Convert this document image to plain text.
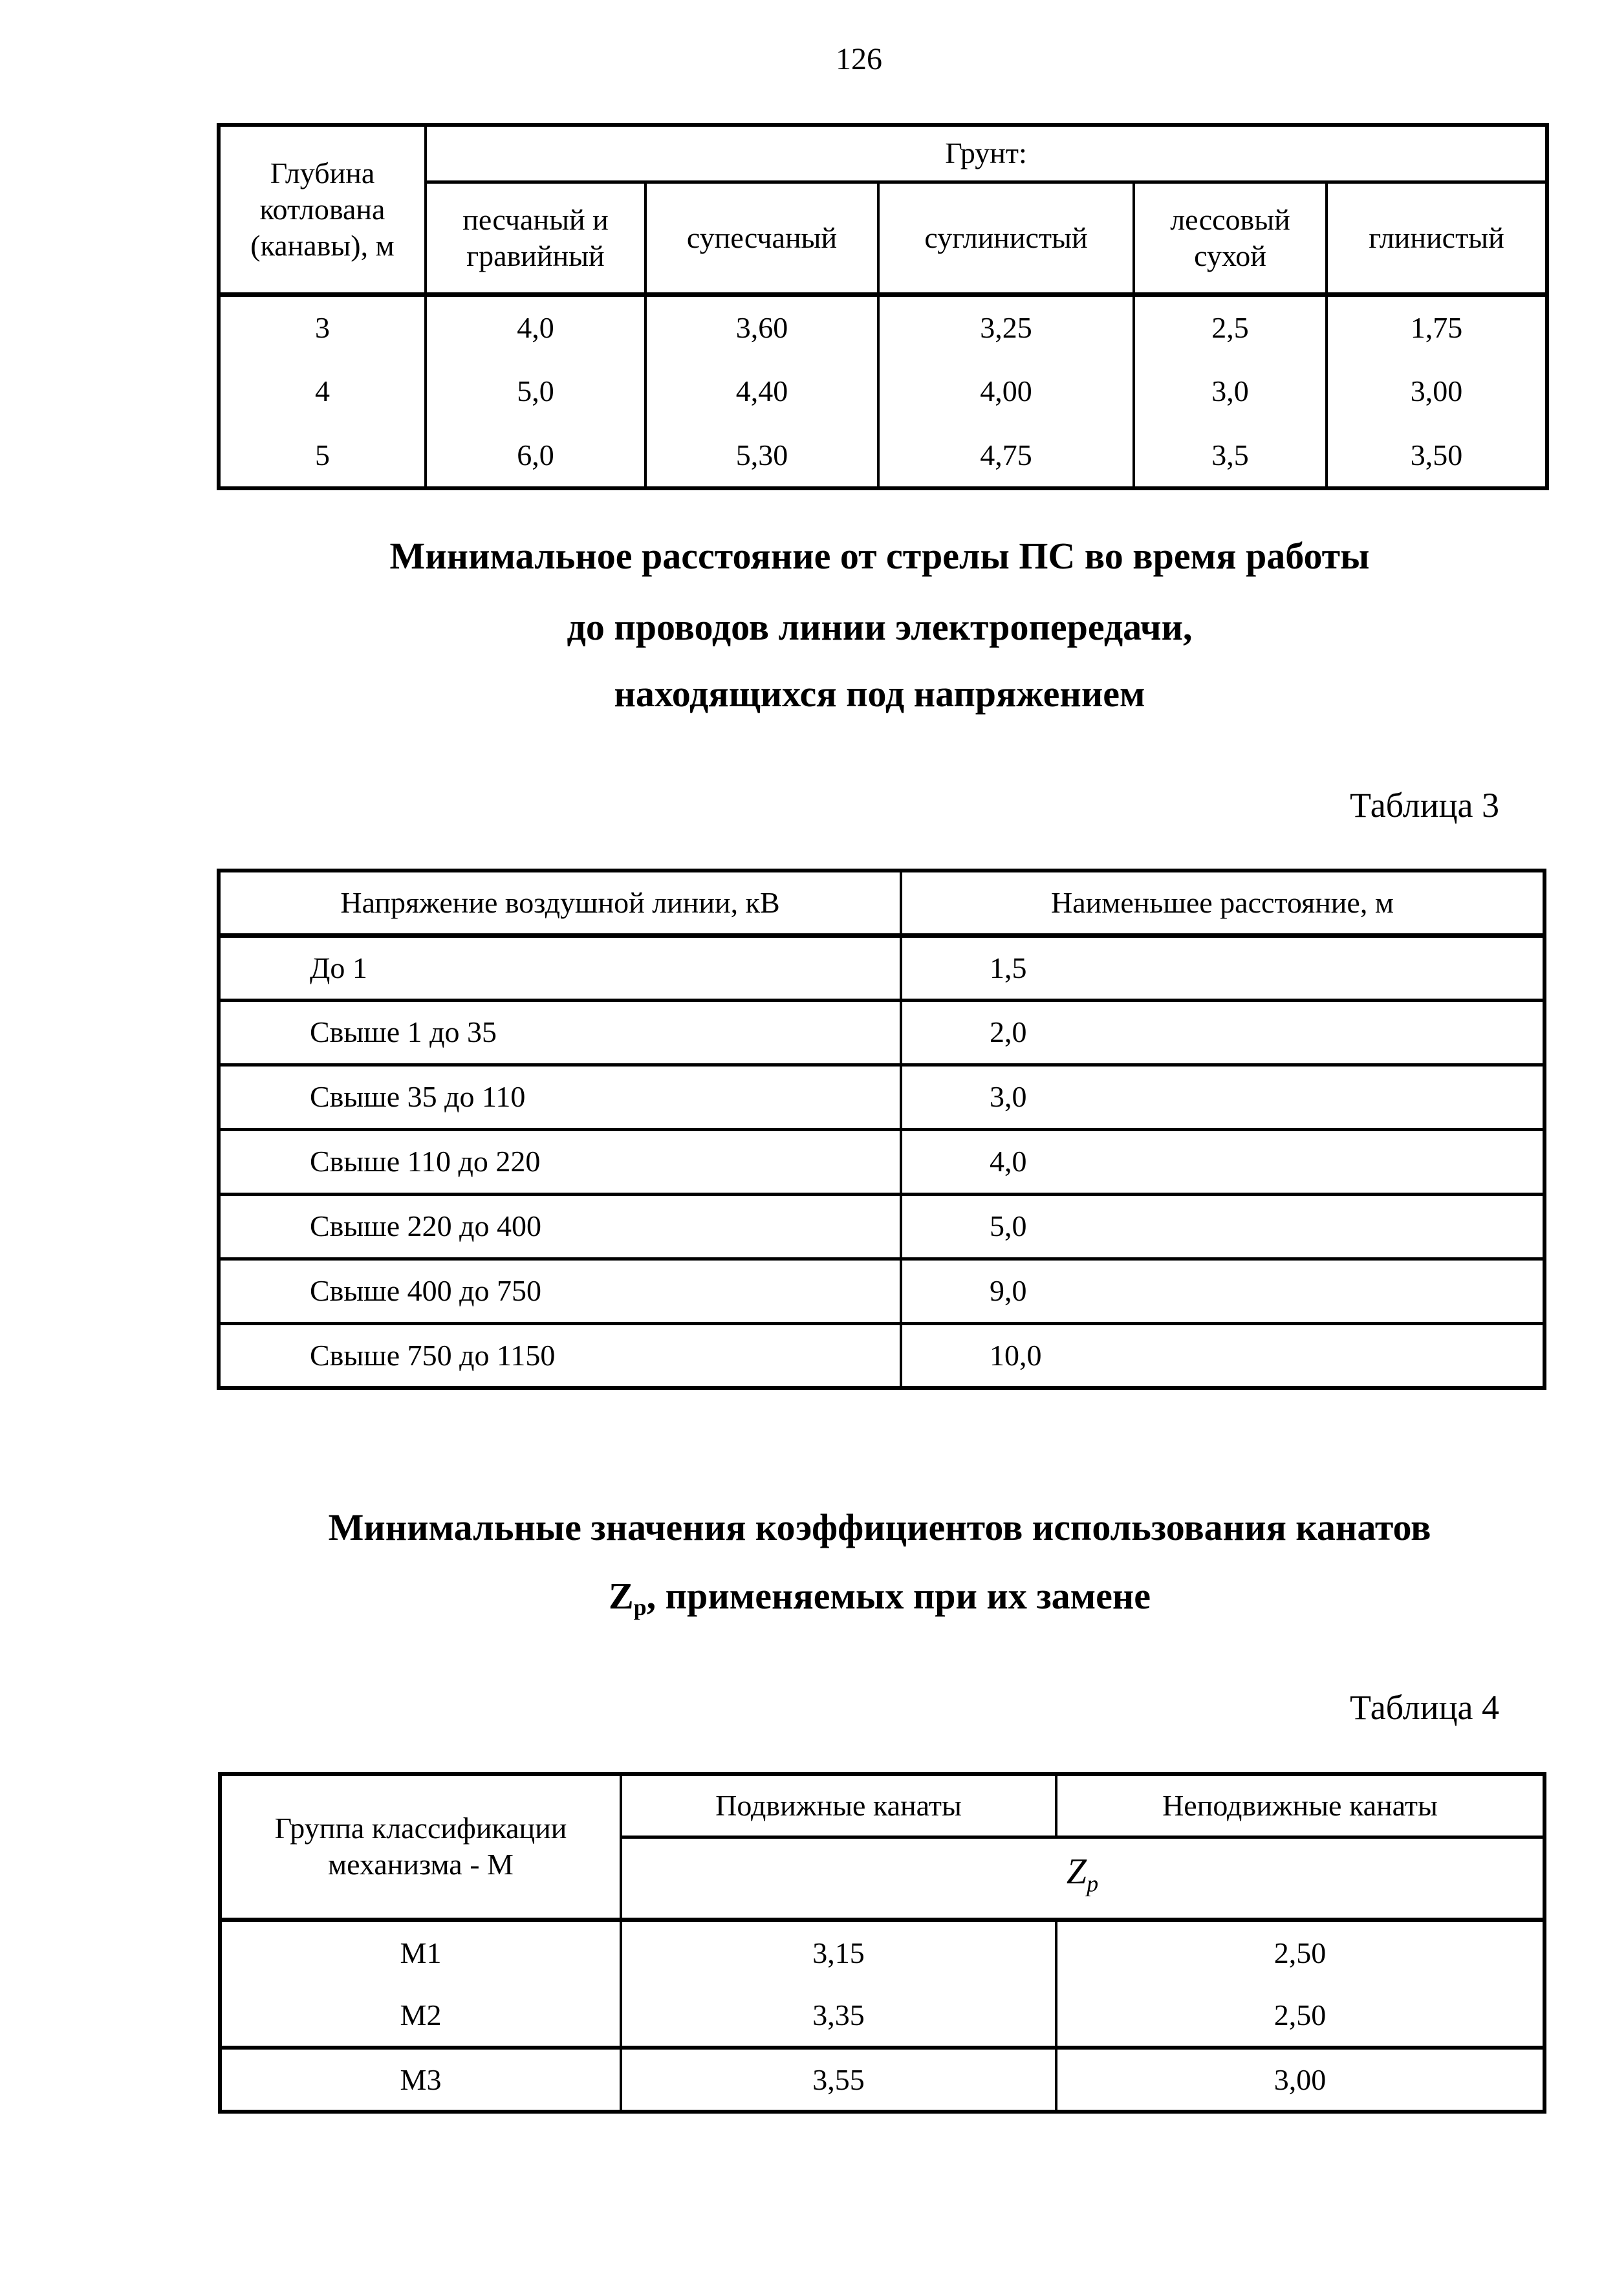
126
Глубина котлована (канавы), м	Грунт:				
	песчаный и гравийный	супесчаный	суглинистый	лессовый сухой	глинистый
3	4,0	3,60	3,25	2,5	1,75
4	5,0	4,40	4,00	3,0	3,00
5	6,0	5,30	4,75	3,5	3,50
Минимальное расстояние от стрелы ПС во время работы
до проводов линии электропередачи,
находящихся под напряжением
Таблица 3
Напряжение воздушной линии, кВ	Наименьшее расстояние, м
До 1	1,5
Свыше 1 до 35	2,0
Свыше 35 до 110	3,0
Свыше 110 до 220	4,0
Свыше 220 до 400	5,0
Свыше 400 до 750	9,0
Свыше 750 до 1150	10,0
Минимальные значения коэффициентов использования канатов
Zр, применяемых при их замене
Таблица 4
Группа классификации
механизма - М	Подвижные канаты	Неподвижные канаты
	$Z_p$
М1	3,15	2,50
М2	3,35	2,50
М3	3,55	3,00
